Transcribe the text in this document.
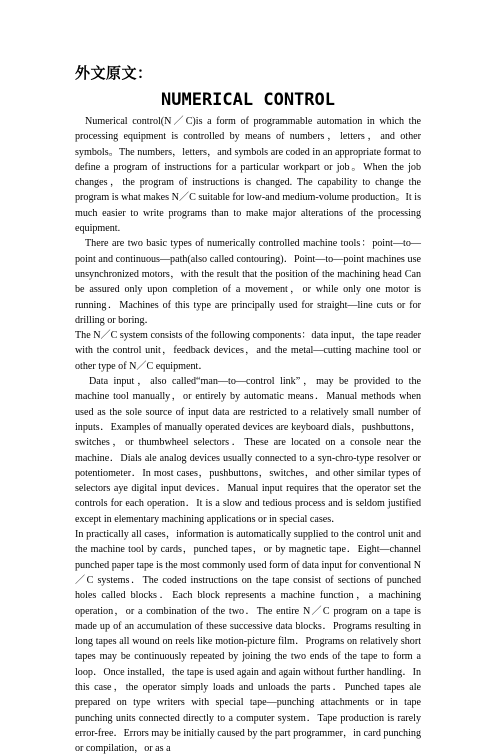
外文原文：
NUMERICAL CONTROL

Numerical control(N／C)is a form of programmable automation in which the processing equipment is controlled by means of numbers，letters，and other symbols。The numbers，letters，and symbols are coded in an appropriate format to define a program of instructions for a particular workpart or job。When the job changes，the program of instructions is changed. The capability to change the program is what makes N／C suitable for low-and medium-volume production。It is much easier to write programs than to make major alterations of the processing equipment.

There are two basic types of numerically controlled machine tools：point—to—point and continuous—path(also called contouring)．Point—to—point machines use unsynchronized motors，with the result that the position of the machining head Can be assured only upon completion of a movement，or while only one motor is running．Machines of this type are principally used for straight—line cuts or for drilling or boring．

The N／C system consists of the following components：data input，the tape reader with the control unit，feedback devices，and the metal—cutting machine tool or other type of N／C equipment．

Data input，also called“man—to—control link”，may be provided to the machine tool manually，or entirely by automatic means．Manual methods when used as the sole source of input data are restricted to a relatively small number of inputs．Examples of manually operated devices are keyboard dials，pushbuttons，switches，or thumbwheel selectors．These are located on a console near the machine．Dials ale analog devices usually connected to a syn-chro-type resolver or potentiometer．In most cases，pushbuttons，switches，and other similar types of selectors aye digital input devices．Manual input requires that the operator set the controls for each operation．It is a slow and tedious process and is seldom justified except in elementary machining applications or in special cases．

In practically all cases，information is automatically supplied to the control unit and the machine tool by cards，punched tapes，or by magnetic tape．Eight—channel punched paper tape is the most commonly used form of data input for conventional N／C systems．The coded instructions on the tape consist of sections of punched holes called blocks．Each block represents a machine function，a machining operation，or a combination of the two．The entire N／C program on a tape is made up of an accumulation of these successive data blocks．Programs resulting in long tapes all wound on reels like motion-picture film．Programs on relatively short tapes may be continuously repeated by joining the two ends of the tape to form a loop．Once installed，the tape is used again and again without further handling．In this case，the operator simply loads and unloads the parts．Punched tapes ale prepared on type writers with special tape—punching attachments or in tape punching units connected directly to a computer system．Tape production is rarely error-free．Errors may be initially caused by the part programmer，in card punching or compilation，or as a
